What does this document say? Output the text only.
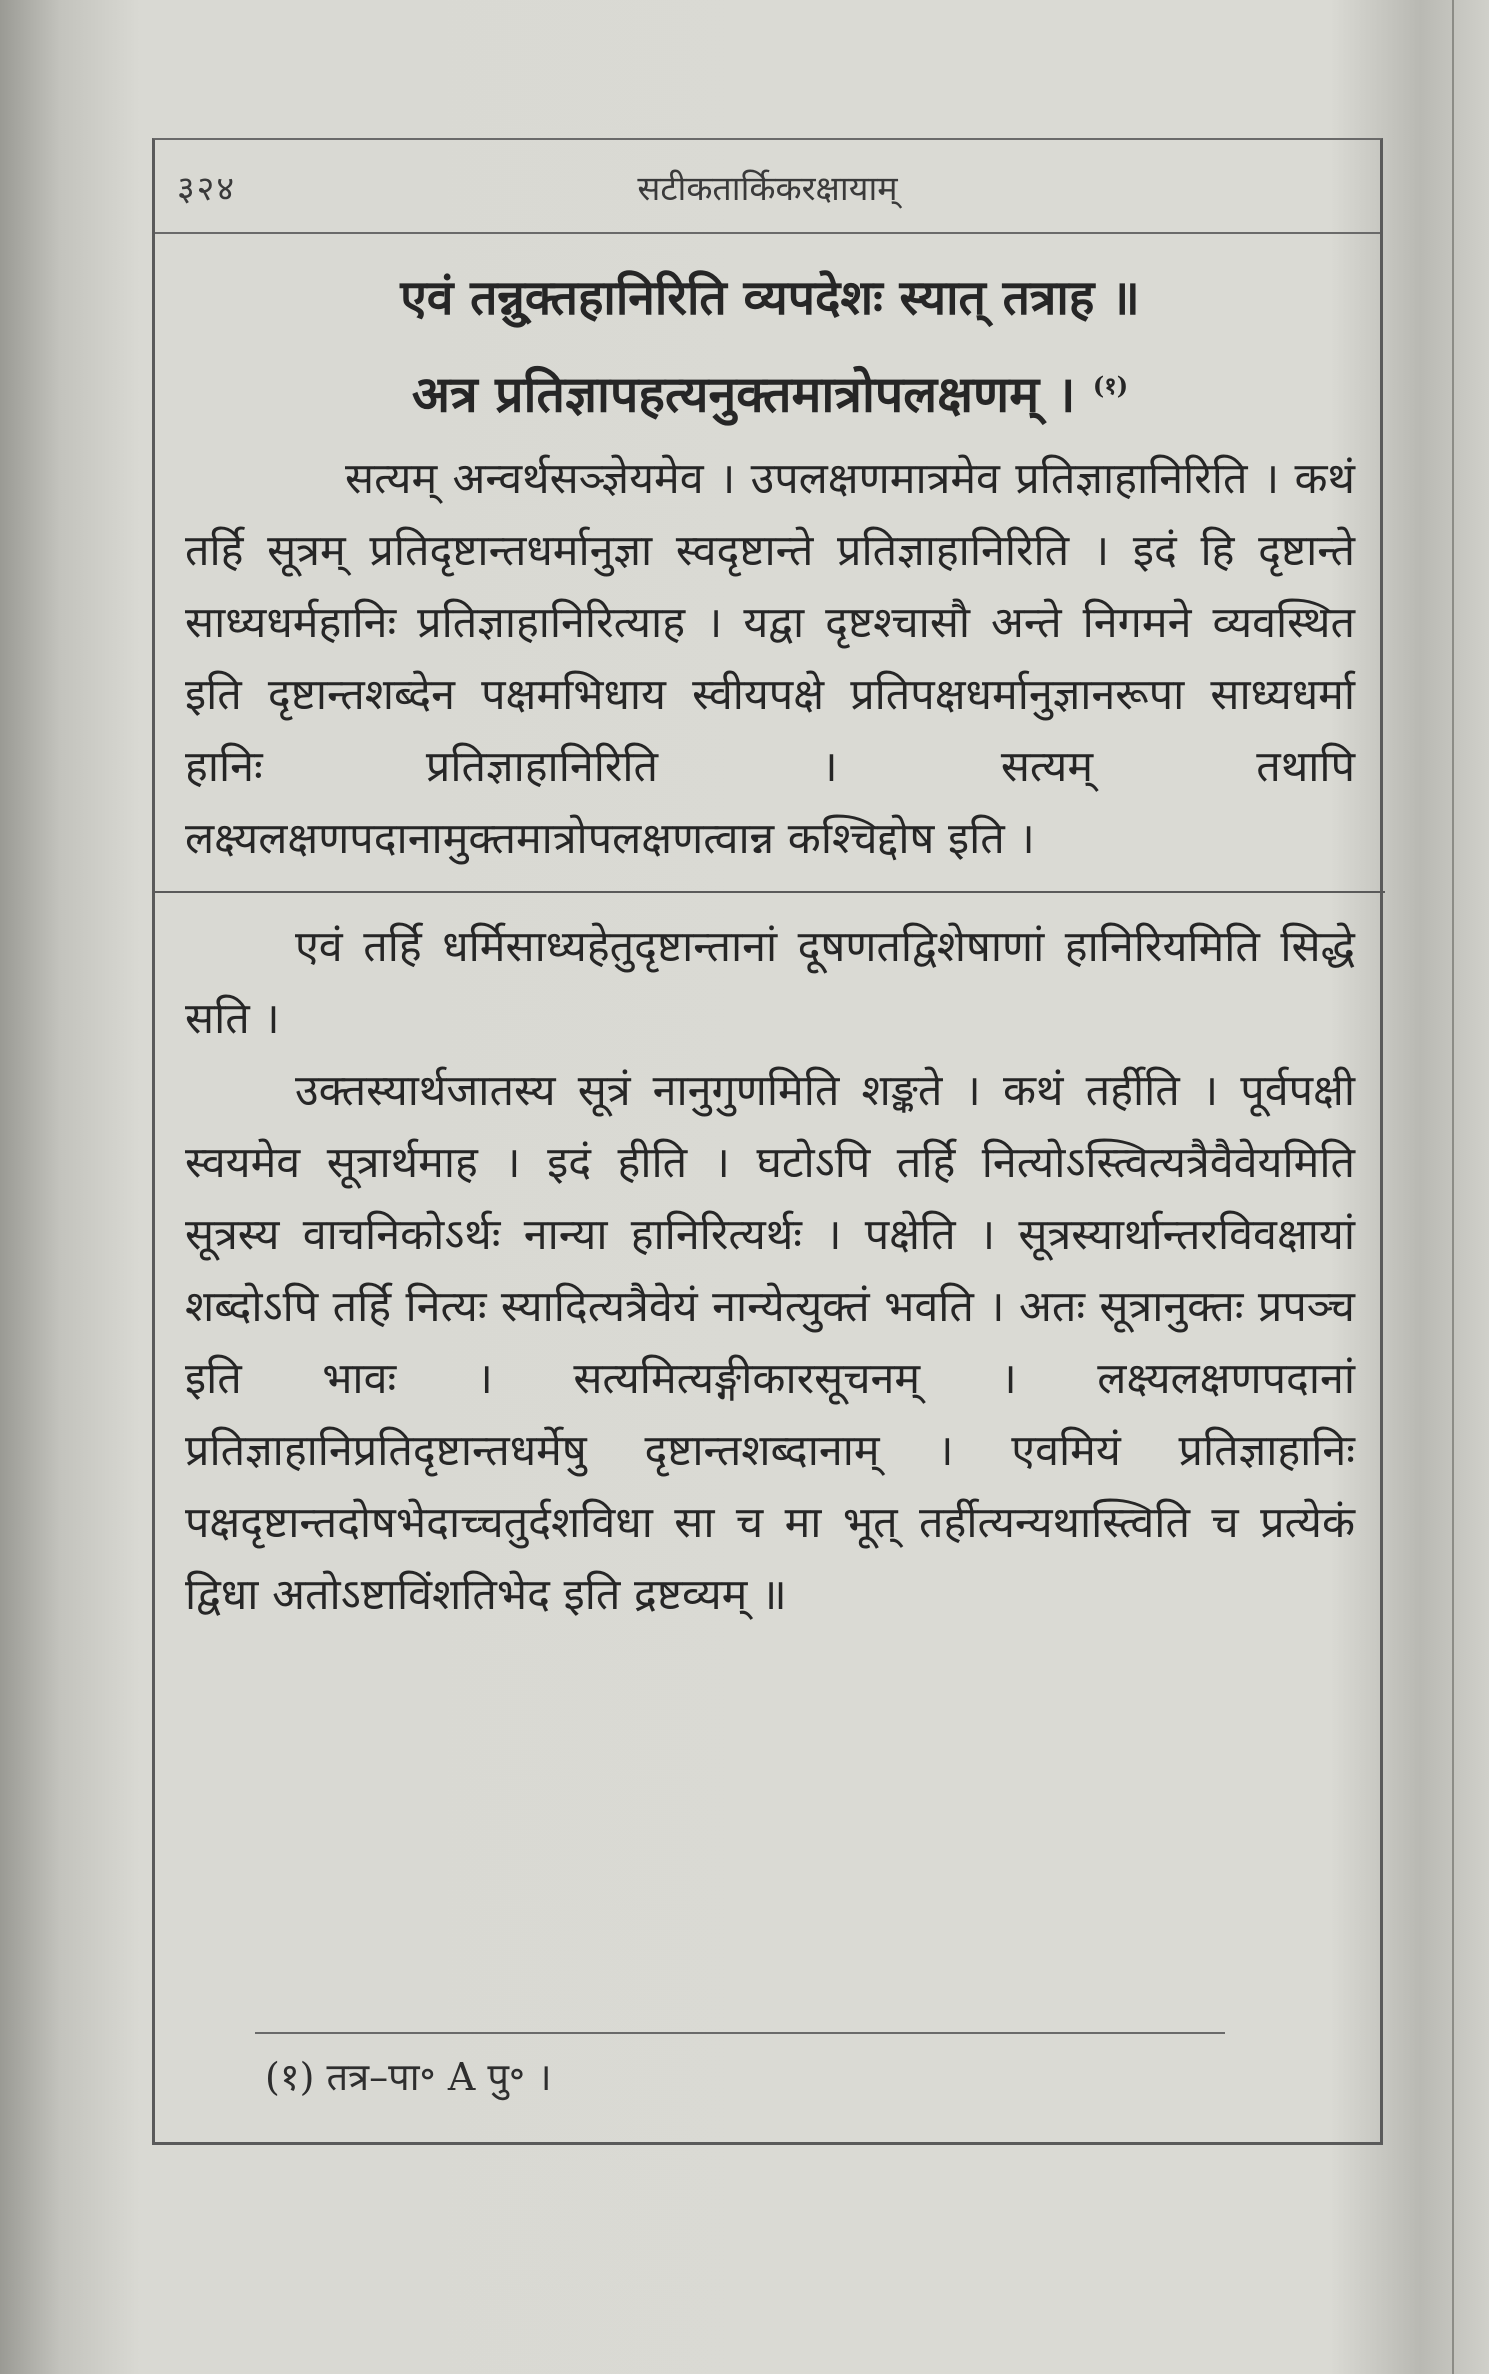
३२४	सटीकतार्किकरक्षायाम्
एवं तन्नु्क्तहानिरिति व्यपदेशः स्यात् तत्राह ॥
अत्र प्रतिज्ञापहत्यनुक्तमात्रोपलक्षणम् । $^{(१)}$

सत्यम् अन्वर्थसञ्ज्ञेयमेव । उपलक्षणमात्रमेव प्रतिज्ञाहानिरिति । कथं तर्हि सूत्रम् प्रतिदृष्टान्तधर्मानुज्ञा स्वदृष्टान्ते प्रतिज्ञाहानिरिति । इदं हि दृष्टान्ते साध्यधर्महानिः प्रतिज्ञाहानिरित्याह । यद्वा दृष्टश्चासौ अन्ते निगमने व्यवस्थित इति दृष्टान्तशब्देन पक्षमभिधाय स्वीयपक्षे प्रतिपक्षधर्मानुज्ञानरूपा साध्यधर्मा हानिः प्रतिज्ञाहानिरिति । सत्यम् तथापि लक्ष्यलक्षणपदानामुक्तमात्रोपलक्षणत्वान्न कश्चिद्दोष इति ।

एवं तर्हि धर्मिसाध्यहेतुदृष्टान्तानां दूषणतद्विशेषाणां हानिरियमिति सिद्धे सति ।

उक्तस्यार्थजातस्य सूत्रं नानुगुणमिति शङ्कते । कथं तर्हीति । पूर्वपक्षी स्वयमेव सूत्रार्थमाह । इदं हीति । घटोऽपि तर्हि नित्योऽस्त्वित्यत्रैवैवेयमिति सूत्रस्य वाचनिकोऽर्थः नान्या हानिरित्यर्थः । पक्षेति । सूत्रस्यार्थान्तरविवक्षायां शब्दोऽपि तर्हि नित्यः स्यादित्यत्रैवेयं नान्येत्युक्तं भवति । अतः सूत्रानुक्तः प्रपञ्च इति भावः । सत्यमित्यङ्गीकारसूचनम् । लक्ष्यलक्षणपदानां प्रतिज्ञाहानिप्रतिदृष्टान्तधर्मेषु दृष्टान्तशब्दानाम् । एवमियं प्रतिज्ञाहानिः पक्षदृष्टान्तदोषभेदाच्चतुर्दशविधा सा च मा भूत् तर्हीत्यन्यथास्त्विति च प्रत्येकं द्विधा अतोऽष्टाविंशतिभेद इति द्रष्टव्यम् ॥

(१) तत्र–पा॰ A पु॰ ।
